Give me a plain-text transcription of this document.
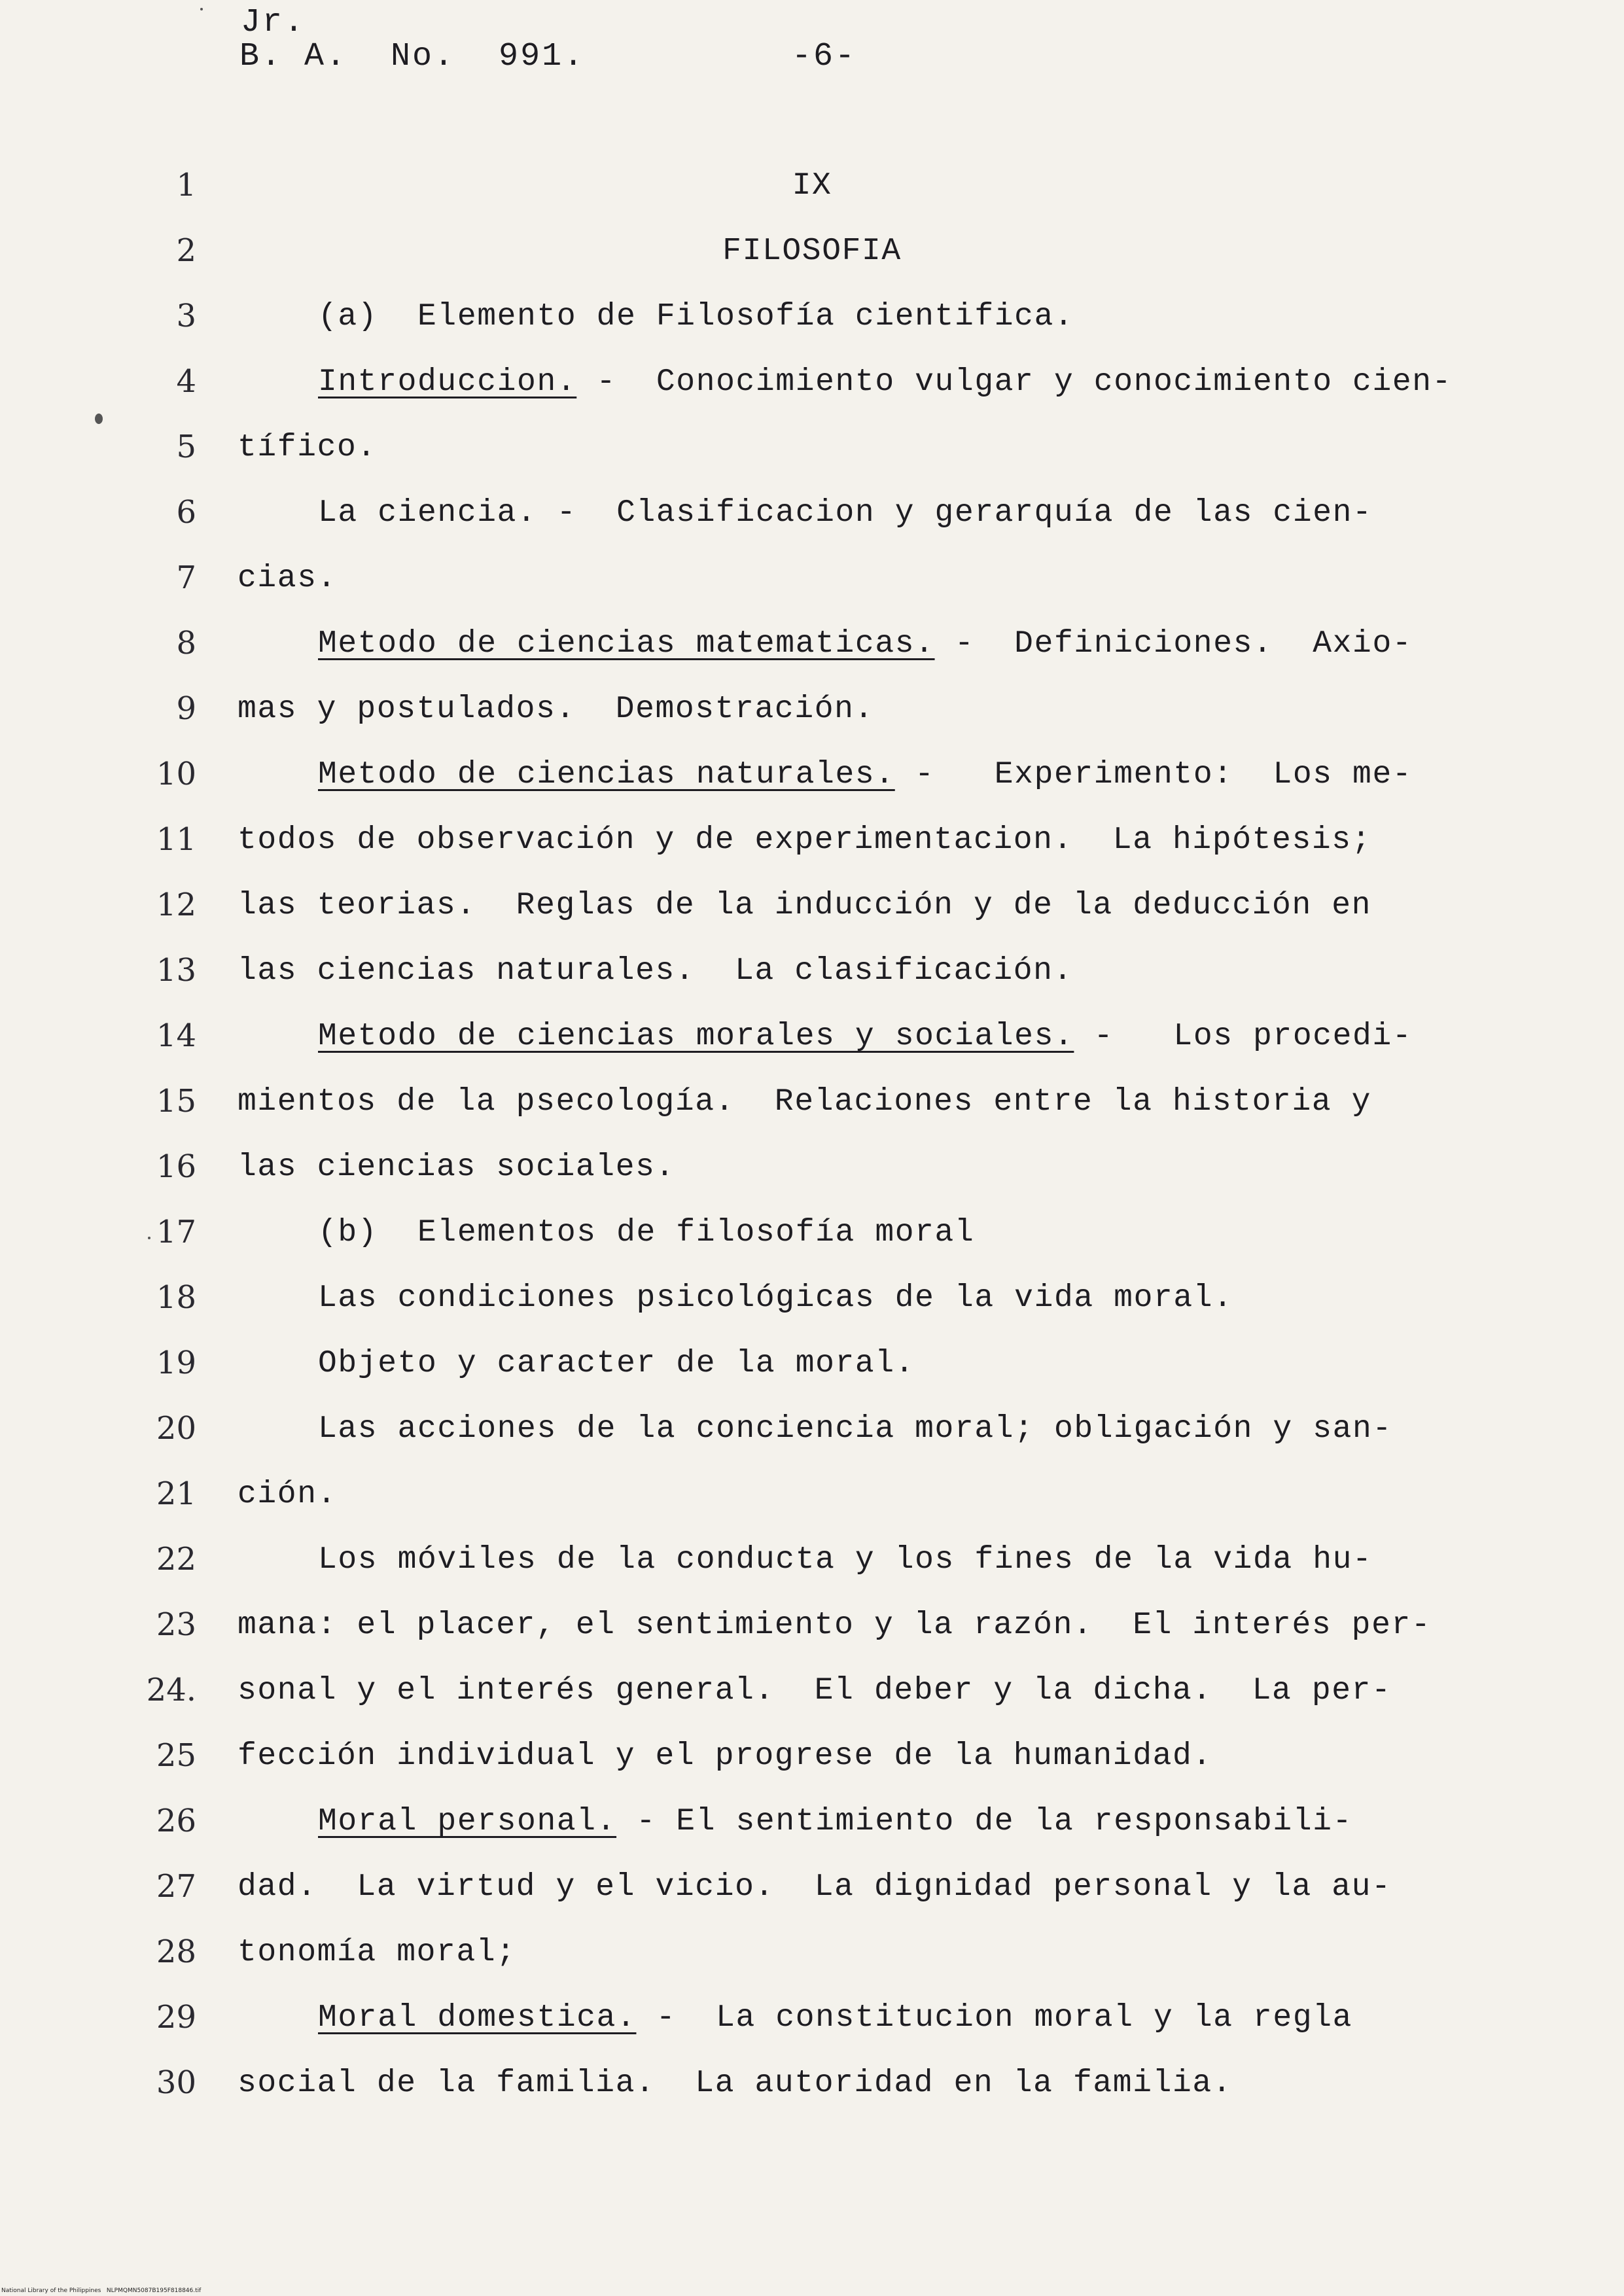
Jr.
B. A.  No.  991.	-6-
1	IX
2	FILOSOFIA
3	(a)  Elemento de Filosofía cientifica.
4	Introduccion. -  Conocimiento vulgar y conocimiento cien-
5 tífico.
6	La ciencia. -  Clasificacion y gerarquía de las cien-
7 cias.
8	Metodo de ciencias matematicas. -  Definiciones.  Axio-
9 mas y postulados.  Demostración.
10	Metodo de ciencias naturales. -   Experimento:  Los me-
11 todos de observación y de experimentacion.  La hipótesis;
12 las teorias.  Reglas de la inducción y de la deducción en
13 las ciencias naturales.  La clasificación.
14	Metodo de ciencias morales y sociales. -   Los procedi-
15 mientos de la psecología.  Relaciones entre la historia y
16 las ciencias sociales.
17	(b)  Elementos de filosofía moral
18	Las condiciones psicológicas de la vida moral.
19	Objeto y caracter de la moral.
20	Las acciones de la conciencia moral; obligación y san-
21 ción.
22	Los móviles de la conducta y los fines de la vida hu-
23 mana: el placer, el sentimiento y la razón.  El interés per-
24. sonal y el interés general.  El deber y la dicha.  La per-
25 fección individual y el progrese de la humanidad.
26	Moral personal. - El sentimiento de la responsabili-
27 dad.  La virtud y el vicio.  La dignidad personal y la au-
28 tonomía moral;
29	Moral domestica. -  La constitucion moral y la regla
30 social de la familia.  La autoridad en la familia.
National Library of the Philippines   NLPMQMN5087B195F818846.tif
